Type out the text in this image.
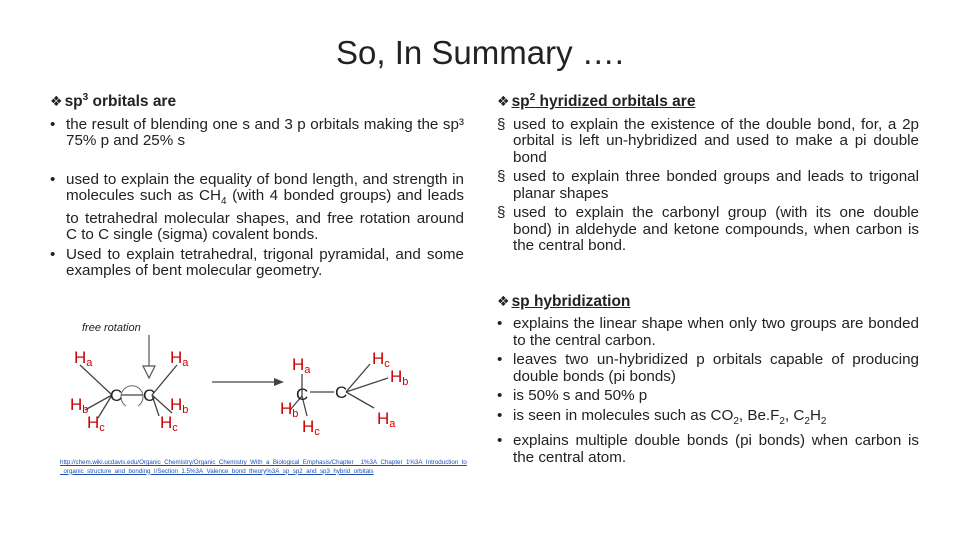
So, In Summary ….
❖ $sp^3$ orbitals are
• the result of blending one s and 3 p orbitals making the sp³ 75% p and 25% s
• used to explain the equality of bond length, and strength in molecules such as $CH_4$ (with 4 bonded groups) and leads to tetrahedral molecular shapes, and free rotation around C to C single (sigma) covalent bonds.
• Used to explain tetrahedral, trigonal pyramidal, and some examples of bent molecular geometry.
free rotation
C C
Ha
Hb
Hc
Ha
Hb
Hc
C C
Ha
Hb
Hc
Hc
Hb
Ha
http://chem.wiki.ucdavis.edu/Organic_Chemistry/Organic_Chemistry_With_a_Biological_Emphasis/Chapter__1%3A_Chapter_1%3A_Introduction_to_organic_structure_and_bonding_I/Section_1.5%3A_Valence_bond_theory%3A_sp_sp2_and_sp3_hybrid_orbitals
❖ $sp^2$ hyridized orbitals are
§ used to explain the existence of the double bond, for, a 2p orbital is left un-hybridized and used to make a pi double bond
§ used to explain three bonded groups and leads to trigonal planar shapes
§ used to explain the carbonyl group (with its one double bond) in aldehyde and ketone compounds, when carbon is the central bond.
❖ sp hybridization
• explains the linear shape when only two groups are bonded to the central carbon.
• leaves two un-hybridized p orbitals capable of producing double bonds (pi bonds)
• is 50% s and 50% p
• is seen in molecules such as $CO_2$, $Be.F_2$, $C_2H_2$
• explains multiple double bonds (pi bonds) when carbon is the central atom.
